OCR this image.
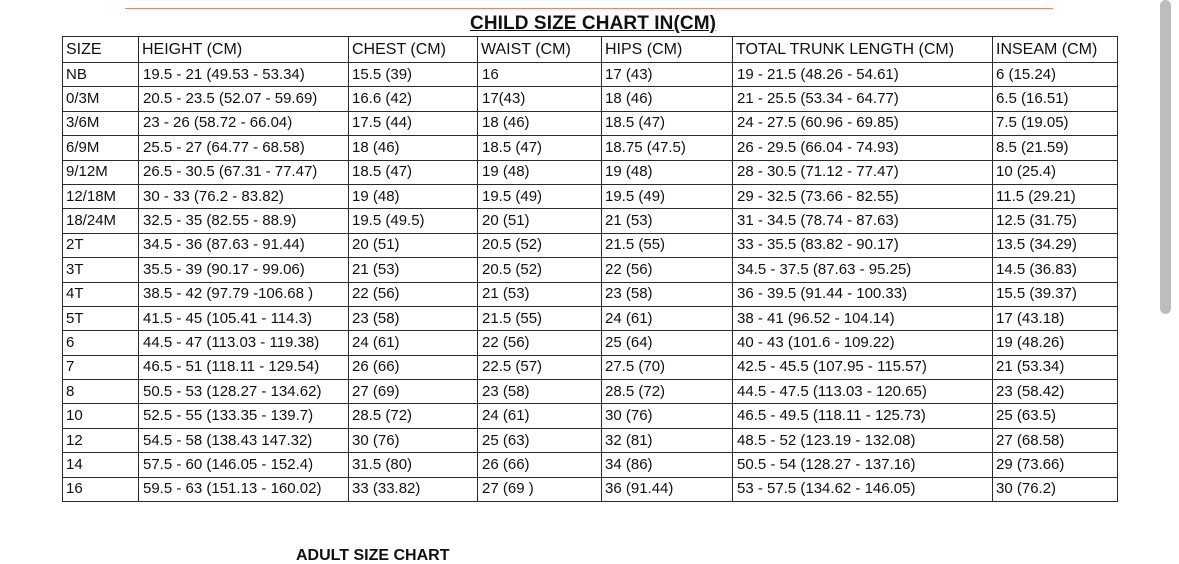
CHILD SIZE CHART IN(CM)
SIZE	HEIGHT (CM)	CHEST (CM)	WAIST (CM)	HIPS (CM)	TOTAL TRUNK LENGTH (CM)	INSEAM (CM)
NB	19.5 - 21 (49.53 - 53.34)	15.5 (39)	16	17 (43)	19 - 21.5 (48.26 - 54.61)	6 (15.24)
0/3M	20.5 - 23.5 (52.07 - 59.69)	16.6 (42)	17(43)	18 (46)	21 - 25.5 (53.34 - 64.77)	6.5 (16.51)
3/6M	23 - 26 (58.72 - 66.04)	17.5 (44)	18 (46)	18.5 (47)	24 - 27.5 (60.96 - 69.85)	7.5 (19.05)
6/9M	25.5 - 27 (64.77 - 68.58)	18 (46)	18.5 (47)	18.75 (47.5)	26 - 29.5 (66.04 - 74.93)	8.5 (21.59)
9/12M	26.5 - 30.5 (67.31 - 77.47)	18.5 (47)	19 (48)	19 (48)	28 - 30.5 (71.12 - 77.47)	10 (25.4)
12/18M	30 - 33 (76.2 - 83.82)	19 (48)	19.5 (49)	19.5 (49)	29 - 32.5 (73.66 - 82.55)	11.5 (29.21)
18/24M	32.5 - 35 (82.55 - 88.9)	19.5 (49.5)	20 (51)	21 (53)	31 - 34.5 (78.74 - 87.63)	12.5 (31.75)
2T	34.5 - 36 (87.63 - 91.44)	20 (51)	20.5 (52)	21.5 (55)	33 - 35.5 (83.82 - 90.17)	13.5 (34.29)
3T	35.5 - 39 (90.17 - 99.06)	21 (53)	20.5 (52)	22 (56)	34.5 - 37.5 (87.63 - 95.25)	14.5 (36.83)
4T	38.5 - 42 (97.79 -106.68 )	22 (56)	21 (53)	23 (58)	36 - 39.5 (91.44 - 100.33)	15.5 (39.37)
5T	41.5 - 45 (105.41 - 114.3)	23 (58)	21.5 (55)	24 (61)	38 - 41 (96.52 - 104.14)	17 (43.18)
6	44.5 - 47 (113.03 - 119.38)	24 (61)	22 (56)	25 (64)	40 - 43 (101.6 - 109.22)	19 (48.26)
7	46.5 - 51 (118.11 - 129.54)	26 (66)	22.5 (57)	27.5 (70)	42.5 - 45.5 (107.95 - 115.57)	21 (53.34)
8	50.5 - 53 (128.27 - 134.62)	27 (69)	23 (58)	28.5 (72)	44.5 - 47.5 (113.03 - 120.65)	23 (58.42)
10	52.5 - 55 (133.35 - 139.7)	28.5 (72)	24 (61)	30 (76)	46.5 - 49.5 (118.11 - 125.73)	25 (63.5)
12	54.5 - 58 (138.43 147.32)	30 (76)	25 (63)	32 (81)	48.5 - 52 (123.19 - 132.08)	27 (68.58)
14	57.5 - 60 (146.05 - 152.4)	31.5 (80)	26 (66)	34 (86)	50.5 - 54 (128.27 - 137.16)	29 (73.66)
16	59.5 - 63 (151.13 - 160.02)	33 (33.82)	27 (69 )	36 (91.44)	53 - 57.5 (134.62 - 146.05)	30 (76.2)
ADULT SIZE CHART
